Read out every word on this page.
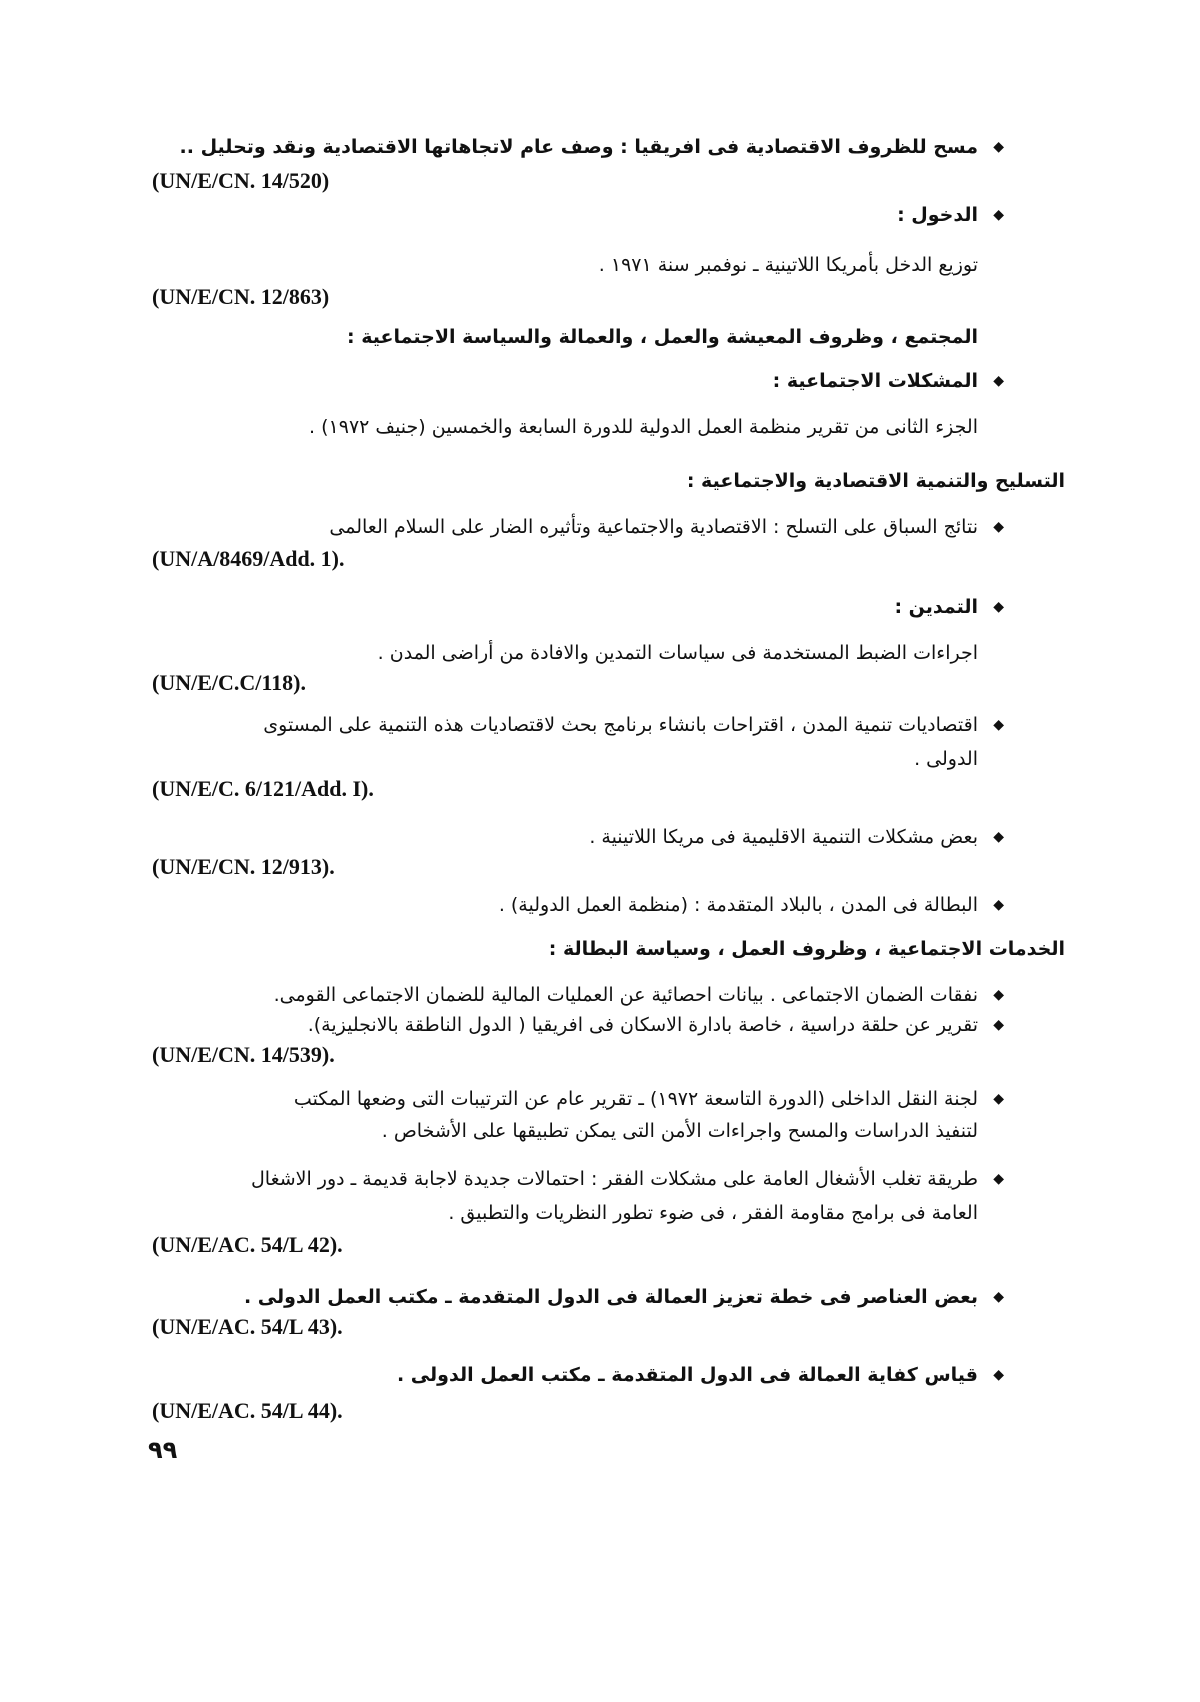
◆
مسح للظروف الاقتصادية فى افريقيا : وصف عام لاتجاهاتها الاقتصادية ونقد وتحليل ..
(UN/E/CN. 14/520)
◆
الدخول :
توزيع الدخل بأمريكا اللاتينية ـ نوفمبر سنة ١٩٧١ .
(UN/E/CN. 12/863)
المجتمع ، وظروف المعيشة والعمل ، والعمالة والسياسة الاجتماعية :
◆
المشكلات الاجتماعية :
الجزء الثانى من تقرير منظمة العمل الدولية للدورة السابعة والخمسين (جنيف ١٩٧٢) .
التسليح والتنمية الاقتصادية والاجتماعية :
◆
نتائج السباق على التسلح : الاقتصادية والاجتماعية وتأثيره الضار على السلام العالمى
(UN/A/8469/Add. 1).
◆
التمدين :
اجراءات الضبط المستخدمة فى سياسات التمدين والافادة من أراضى المدن .
(UN/E/C.C/118).
◆
اقتصاديات تنمية المدن ، اقتراحات بانشاء برنامج بحث لاقتصاديات هذه التنمية على المستوى
الدولى .
(UN/E/C. 6/121/Add. I).
◆
بعض مشكلات التنمية الاقليمية فى مريكا اللاتينية .
(UN/E/CN. 12/913).
◆
البطالة فى المدن ، بالبلاد المتقدمة : (منظمة العمل الدولية) .
الخدمات الاجتماعية ، وظروف العمل ، وسياسة البطالة :
◆
نفقات الضمان الاجتماعى . بيانات احصائية عن العمليات المالية للضمان الاجتماعى القومى.
◆
تقرير عن حلقة دراسية ، خاصة بادارة الاسكان فى افريقيا ( الدول الناطقة بالانجليزية).
(UN/E/CN. 14/539).
◆
لجنة النقل الداخلى (الدورة التاسعة ١٩٧٢) ـ تقرير عام عن الترتيبات التى وضعها المكتب
لتنفيذ الدراسات والمسح واجراءات الأمن التى يمكن تطبيقها على الأشخاص .
◆
طريقة تغلب الأشغال العامة على مشكلات الفقر : احتمالات جديدة لاجابة قديمة ـ دور الاشغال
العامة فى برامج مقاومة الفقر ، فى ضوء تطور النظريات والتطبيق .
(UN/E/AC. 54/L 42).
◆
بعض العناصر فى خطة تعزيز العمالة فى الدول المتقدمة ـ مكتب العمل الدولى .
(UN/E/AC. 54/L 43).
◆
قياس كفاية العمالة فى الدول المتقدمة ـ مكتب العمل الدولى .
(UN/E/AC. 54/L 44).
٩٩
